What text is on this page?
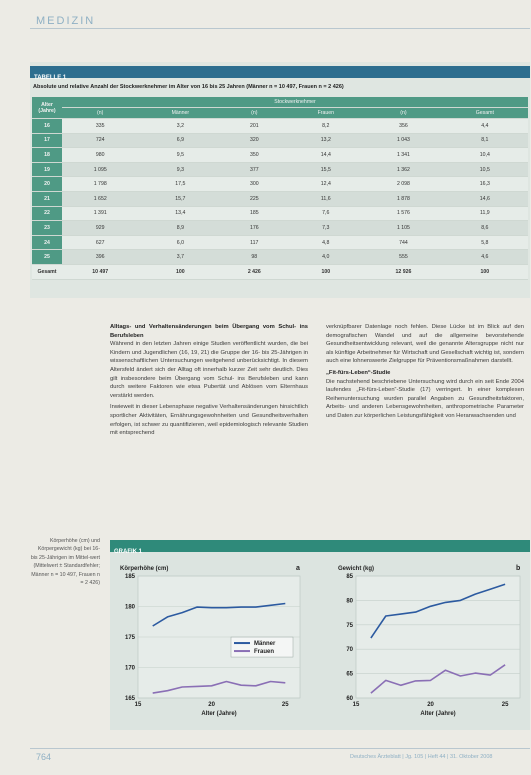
MEDIZIN
TABELLE 1
Absolute und relative Anzahl der Stockwerknehmer im Alter von 16 bis 25 Jahren (Männer n = 10 497, Frauen n = 2 426)
Alter (Jahre)	Stockwerknehmer					
	(n)	Männer	(n)	Frauen	(n)	Gesamt
16	335	3,2	201	8,2	356	4,4
17	724	6,9	320	13,2	1 043	8,1
18	980	9,5	350	14,4	1 341	10,4
19	1 095	9,3	377	15,5	1 362	10,5
20	1 798	17,5	300	12,4	2 098	16,3
21	1 652	15,7	225	11,6	1 878	14,6
22	1 391	13,4	185	7,6	1 576	11,9
23	929	8,9	176	7,3	1 105	8,6
24	627	6,0	117	4,8	744	5,8
25	396	3,7	98	4,0	555	4,6
Gesamt	10 497	100	2 426	100	12 926	100
Alltags- und Verhaltensänderungen beim Übergang vom Schul- ins Berufsleben

Während in den letzten Jahren einige Studien veröffentlicht wurden, die bei Kindern und Jugendlichen (16, 19, 21) die Gruppe der 16- bis 25-Jährigen in wissenschaftlichen Untersuchungen weitgehend unberücksichtigt. In diesem Altersfeld ändert sich der Alltag oft innerhalb kurzer Zeit sehr deutlich. Dies gilt insbesondere beim Übergang vom Schul- ins Berufsleben und kann durch weitere Faktoren wie etwa Pubertät und Ablösen vom Elternhaus verstärkt werden.

Inwieweit in dieser Lebensphase negative Verhaltensänderungen hinsichtlich sportlicher Aktivitäten, Ernährungsgewohnheiten und Gesundheitsverhalten erfolgen, ist schwer zu quantifizieren, weil epidemiologisch relevante Studien mit entsprechend

verknüpfbarer Datenlage noch fehlen. Diese Lücke ist im Blick auf den demografischen Wandel und auf die allgemeine bevorstehende Gesundheitsentwicklung relevant, weil die genannte Altersgruppe nicht nur als künftige Arbeitnehmer für Wirtschaft und Gesellschaft wichtig ist, sondern auch eine lohnenswerte Zielgruppe für Präventionsmaßnahmen darstellt.

„Fit-fürs-Leben“-Studie

Die nachstehend beschriebene Untersuchung wird durch ein seit Ende 2004 laufendes „Fit-fürs-Leben“-Studie (17) verringert. In einer komplexen Reihenuntersuchung wurden parallel Angaben zu Gesundheitsfaktoren, Arbeits- und anderen Lebensgewohnheiten, anthropometrische Parameter und Daten zur körperlichen Leistungsfähigkeit von Heranwachsenden und

Körperhöhe (cm) und Körpergewicht (kg) bei 16- bis 25-Jährigen im Mittel-wert (Mittelwert ± Standardfehler; Männer n = 10 497, Frauen n = 2 426)
GRAFIK 1
165
170
175
180
185
15	20	25
Körperhöhe (cm)
Alter (Jahre)
a
Männer
Frauen
60
65
70
75
80
85
15	20	25
Gewicht (kg)
Alter (Jahre)
b
764	Deutsches Ärzteblatt | Jg. 105 | Heft 44 | 31. Oktober 2008
